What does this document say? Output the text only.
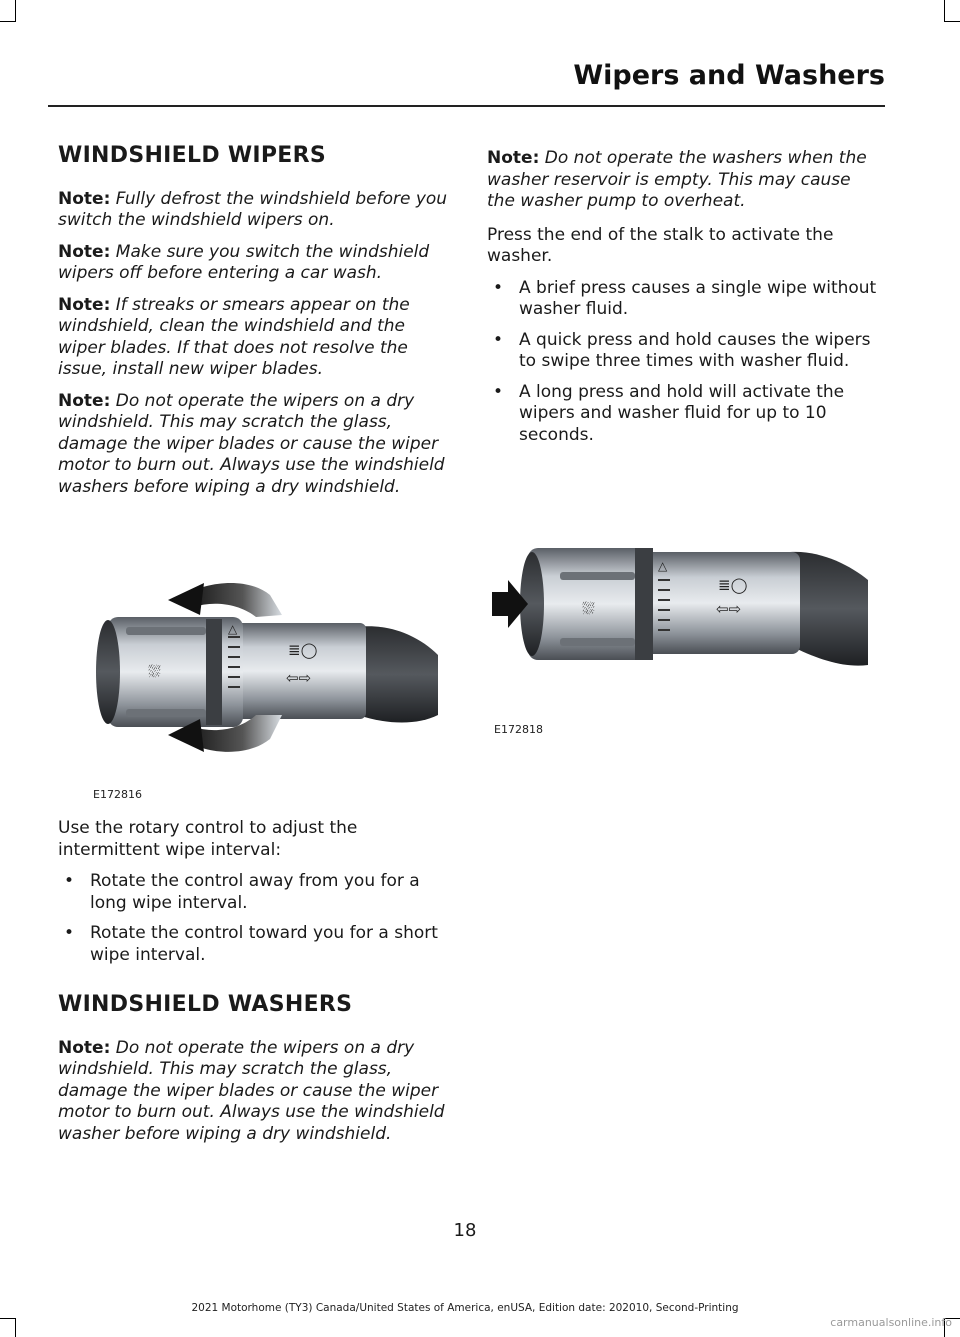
Wipers and Washers
WINDSHIELD WIPERS

Note: Fully defrost the windshield before you switch the windshield wipers on.

Note: Make sure you switch the windshield wipers off before entering a car wash.

Note: If streaks or smears appear on the windshield, clean the windshield and the wiper blades. If that does not resolve the issue, install new wiper blades.

Note: Do not operate the wipers on a dry windshield. This may scratch the glass, damage the wiper blades or cause the wiper motor to burn out. Always use the windshield washers before wiping a dry windshield.

⛆
△
≣◯
⇦⇨
E172816

Use the rotary control to adjust the intermittent wipe interval:

• Rotate the control away from you for a long wipe interval.
• Rotate the control toward you for a short wipe interval.
WINDSHIELD WASHERS

Note: Do not operate the wipers on a dry windshield. This may scratch the glass, damage the wiper blades or cause the wiper motor to burn out. Always use the windshield washer before wiping a dry windshield.

Note: Do not operate the washers when the washer reservoir is empty. This may cause the washer pump to overheat.

Press the end of the stalk to activate the washer.

• A brief press causes a single wipe without washer fluid.
• A quick press and hold causes the wipers to swipe three times with washer fluid.
• A long press and hold will activate the wipers and washer fluid for up to 10 seconds.
⛆
△
≣◯
⇦⇨
E172818
18
2021 Motorhome (TY3) Canada/United States of America, enUSA, Edition date: 202010, Second-Printing
carmanualsonline.info
